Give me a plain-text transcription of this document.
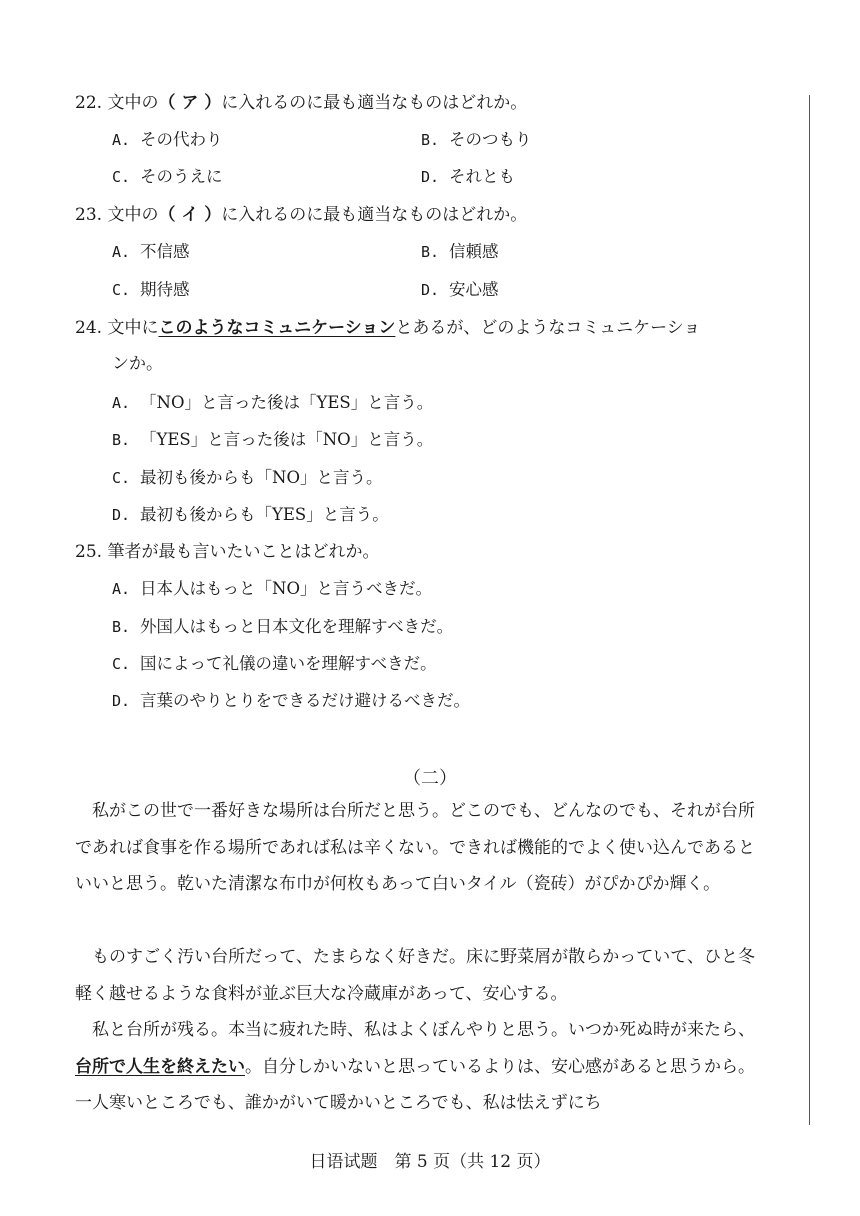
22. 文中の（ ア ）に入れるのに最も適当なものはどれか。
A. その代わり	B. そのつもり
C. そのうえに	D. それとも
23. 文中の（ イ ）に入れるのに最も適当なものはどれか。
A. 不信感	B. 信頼感
C. 期待感	D. 安心感
24. 文中にこのようなコミュニケーションとあるが、どのようなコミュニケーショ
ンか。
A. 「NO」と言った後は「YES」と言う。
B. 「YES」と言った後は「NO」と言う。
C. 最初も後からも「NO」と言う。
D. 最初も後からも「YES」と言う。
25. 筆者が最も言いたいことはどれか。
A. 日本人はもっと「NO」と言うべきだ。
B. 外国人はもっと日本文化を理解すべきだ。
C. 国によって礼儀の違いを理解すべきだ。
D. 言葉のやりとりをできるだけ避けるべきだ。
（二）
　私がこの世で一番好きな場所は台所だと思う。どこのでも、どんなのでも、それが台所であれば食事を作る場所であれば私は辛くない。できれば機能的でよく使い込んであるといいと思う。乾いた清潔な布巾が何枚もあって白いタイル（瓷砖）がぴかぴか輝く。
　ものすごく汚い台所だって、たまらなく好きだ。床に野菜屑が散らかっていて、ひと冬軽く越せるような食料が並ぶ巨大な冷蔵庫があって、安心する。
　私と台所が残る。本当に疲れた時、私はよくぼんやりと思う。いつか死ぬ時が来たら、台所で人生を終えたい。自分しかいないと思っているよりは、安心感があると思うから。一人寒いところでも、誰かがいて暖かいところでも、私は怯えずにち
日语试题　第 5 页（共 12 页）
